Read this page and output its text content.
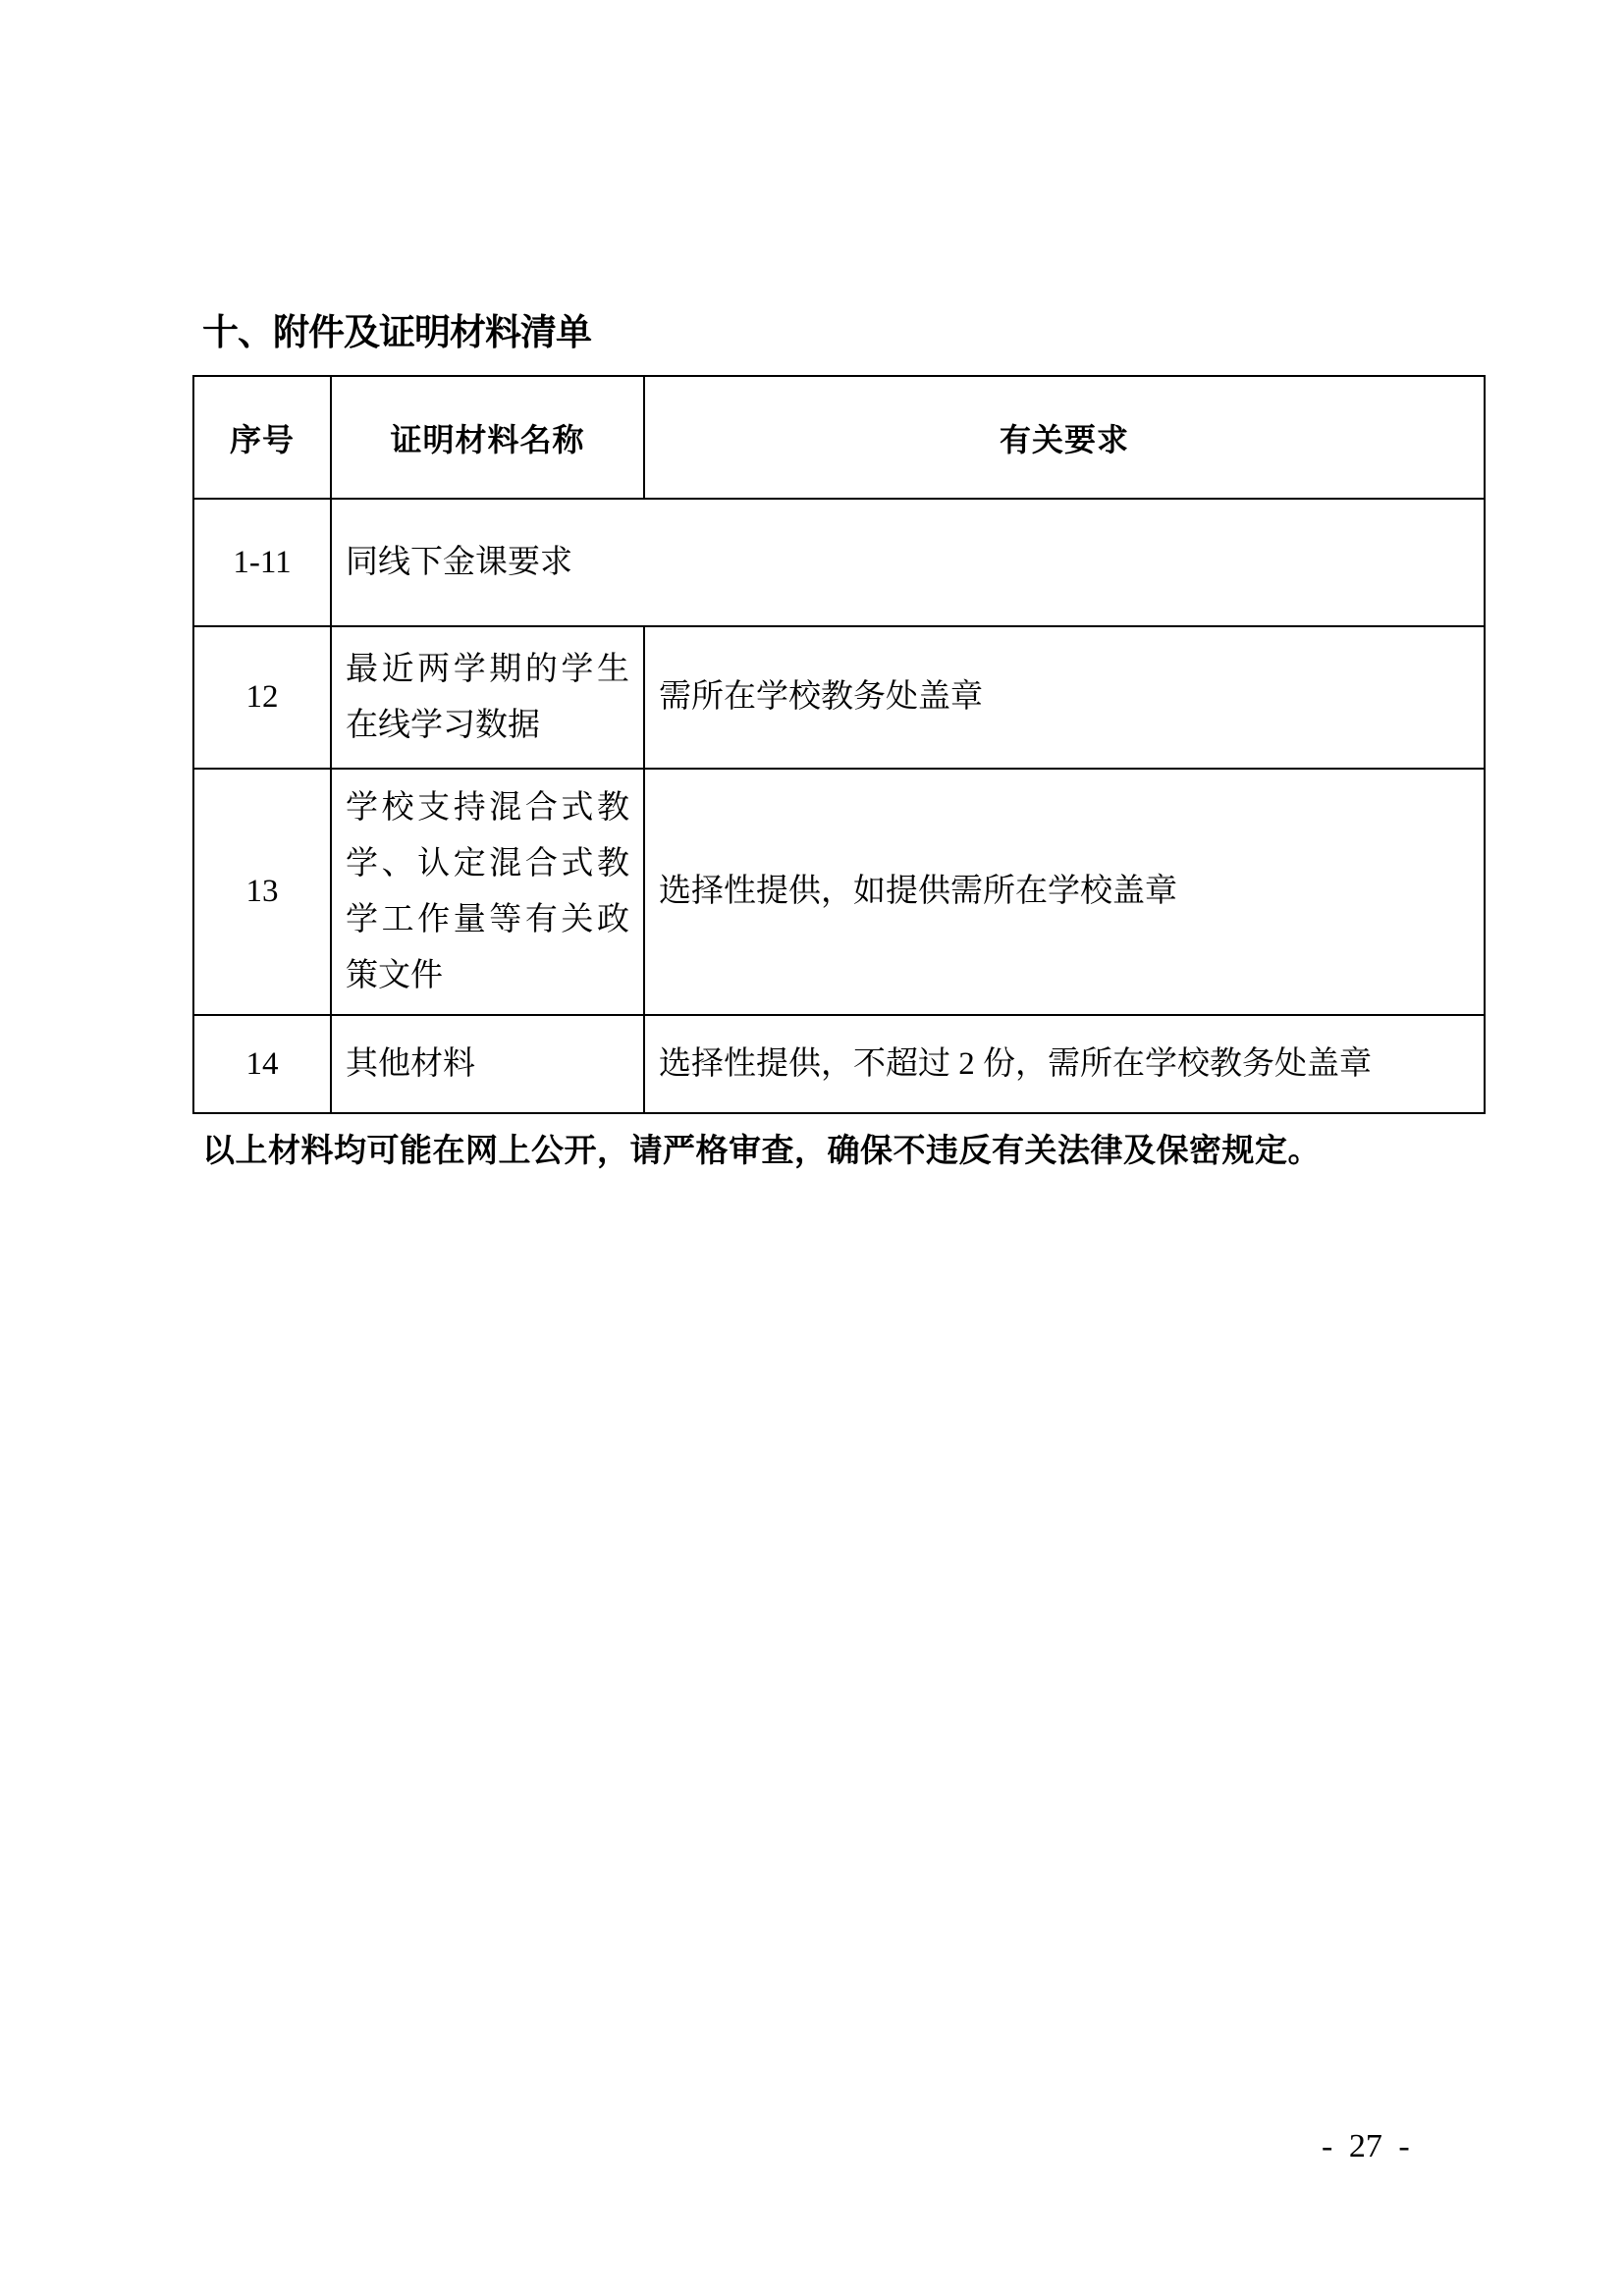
十、附件及证明材料清单
序号	证明材料名称	有关要求
1-11	同线下金课要求	
12	最近两学期的学生在线学习数据	需所在学校教务处盖章
13	学校支持混合式教学、认定混合式教学工作量等有关政策文件	选择性提供，如提供需所在学校盖章
14	其他材料	选择性提供，不超过 2 份，需所在学校教务处盖章
以上材料均可能在网上公开，请严格审查，确保不违反有关法律及保密规定。
- 27 -
